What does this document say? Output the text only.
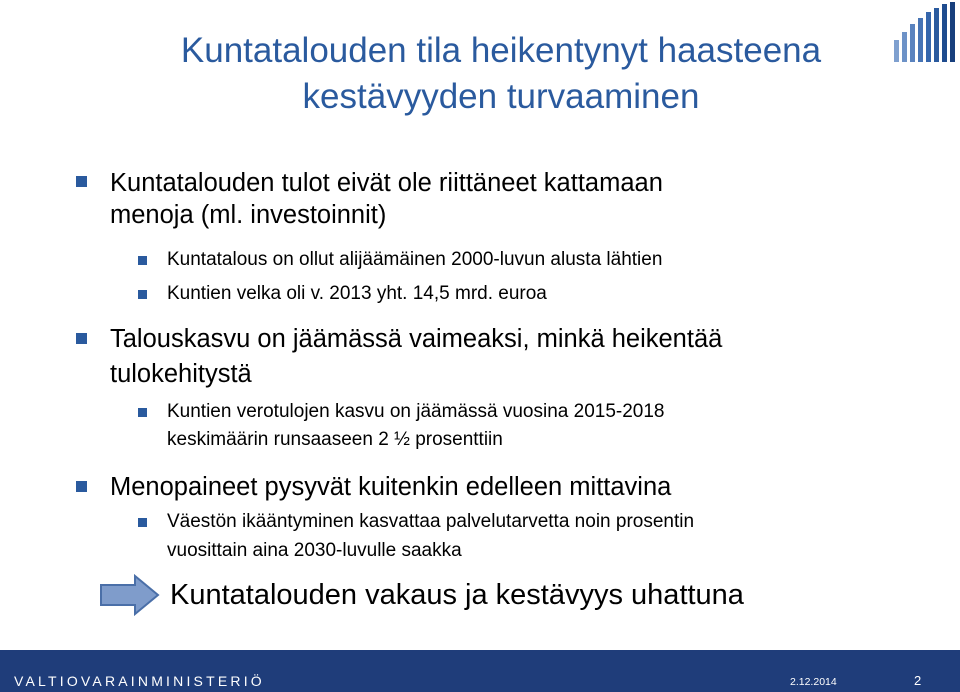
Kuntatalouden tila heikentynyt haasteena
kestävyyden turvaaminen
Kuntatalouden tulot eivät ole riittäneet kattamaan
menoja (ml. investoinnit)
Kuntatalous on ollut alijäämäinen 2000-luvun alusta lähtien
Kuntien velka oli v. 2013 yht. 14,5 mrd. euroa
Talouskasvu on jäämässä vaimeaksi, minkä heikentää
tulokehitystä
Kuntien verotulojen kasvu on jäämässä vuosina 2015-2018
keskimäärin runsaaseen 2 ½ prosenttiin
Menopaineet pysyvät kuitenkin edelleen mittavina
Väestön ikääntyminen kasvattaa palvelutarvetta noin prosentin
vuosittain aina 2030-luvulle saakka
Kuntatalouden vakaus ja kestävyys uhattuna
VALTIOVARAINMINISTERIÖ	2.12.2014	2
